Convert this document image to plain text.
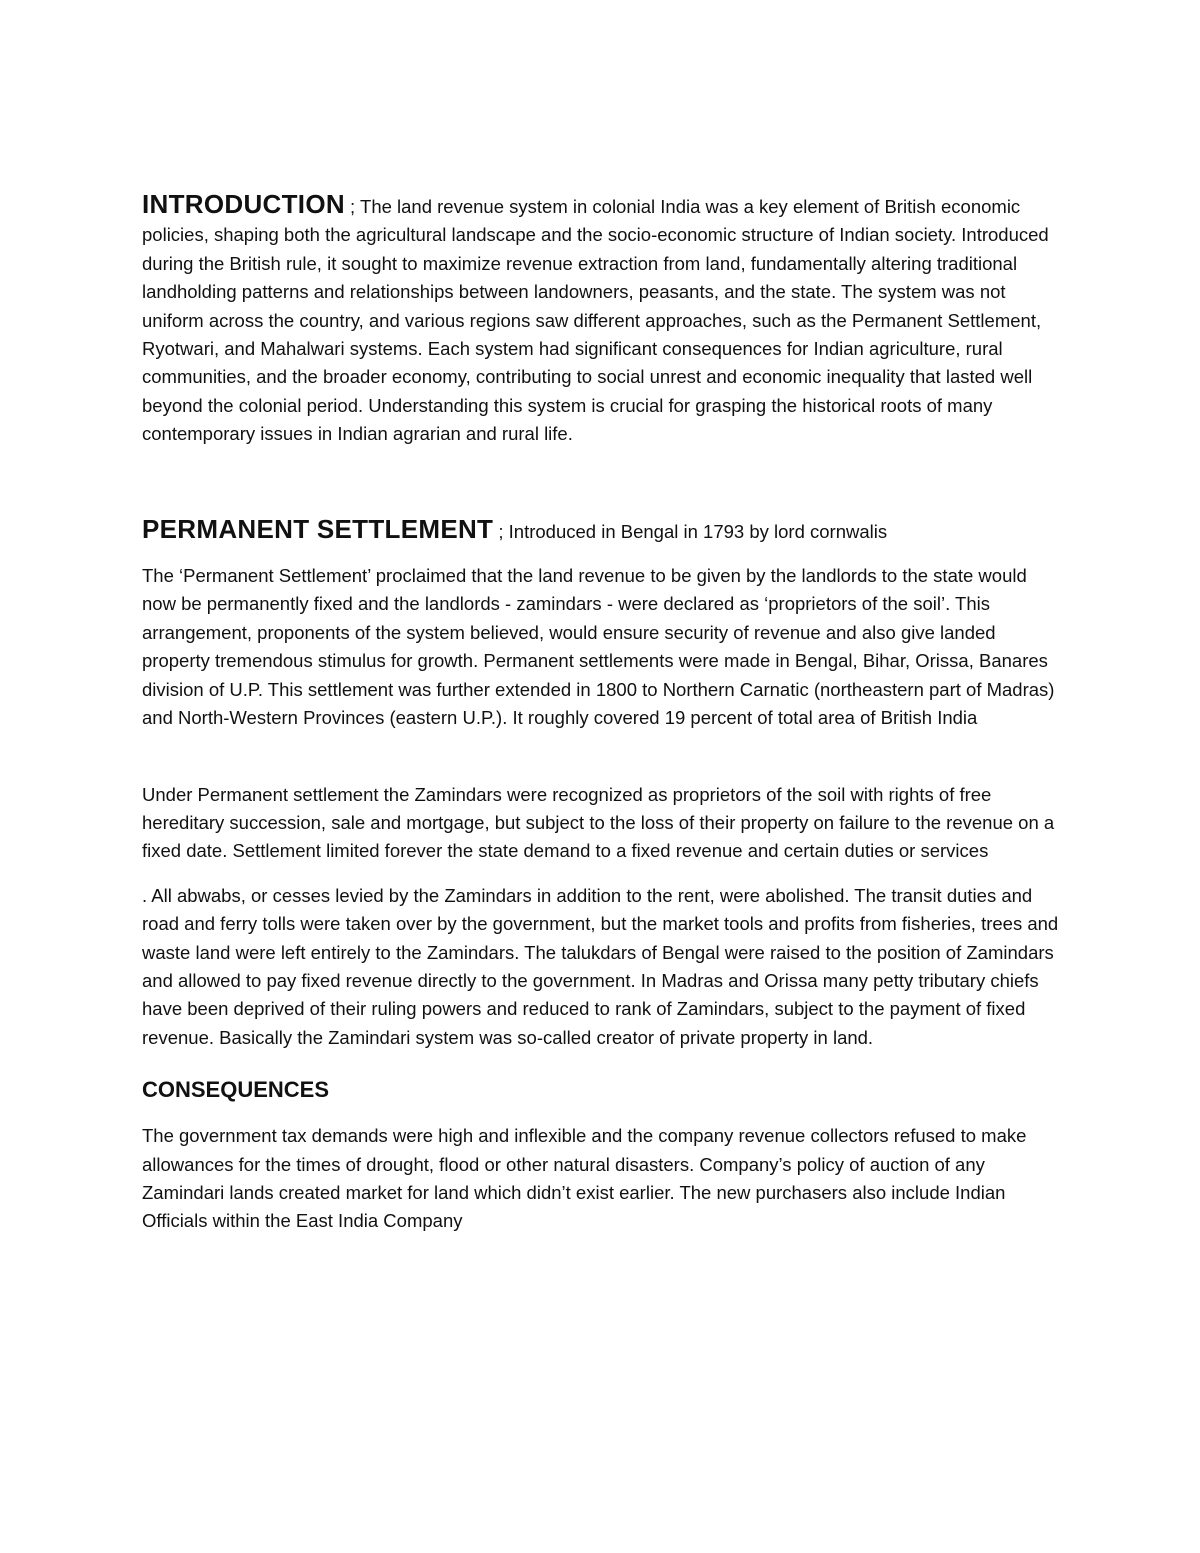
INTRODUCTION ; The land revenue system in colonial India was a key element of British economic policies, shaping both the agricultural landscape and the socio-economic structure of Indian society. Introduced during the British rule, it sought to maximize revenue extraction from land, fundamentally altering traditional landholding patterns and relationships between landowners, peasants, and the state. The system was not uniform across the country, and various regions saw different approaches, such as the Permanent Settlement, Ryotwari, and Mahalwari systems. Each system had significant consequences for Indian agriculture, rural communities, and the broader economy, contributing to social unrest and economic inequality that lasted well beyond the colonial period. Understanding this system is crucial for grasping the historical roots of many contemporary issues in Indian agrarian and rural life.

PERMANENT SETTLEMENT ; Introduced in Bengal in 1793 by lord cornwalis

The ‘Permanent Settlement’ proclaimed that the land revenue to be given by the landlords to the state would now be permanently fixed and the landlords - zamindars - were declared as ‘proprietors of the soil’. This arrangement, proponents of the system believed, would ensure security of revenue and also give landed property tremendous stimulus for growth. Permanent settlements were made in Bengal, Bihar, Orissa, Banares division of U.P. This settlement was further extended in 1800 to Northern Carnatic (northeastern part of Madras) and North-Western Provinces (eastern U.P.). It roughly covered 19 percent of total area of British India

Under Permanent settlement the Zamindars were recognized as proprietors of the soil with rights of free hereditary succession, sale and mortgage, but subject to the loss of their property on failure to the revenue on a fixed date. Settlement limited forever the state demand to a fixed revenue and certain duties or services

. All abwabs, or cesses levied by the Zamindars in addition to the rent, were abolished. The transit duties and road and ferry tolls were taken over by the government, but the market tools and profits from fisheries, trees and waste land were left entirely to the Zamindars. The talukdars of Bengal were raised to the position of Zamindars and allowed to pay fixed revenue directly to the government. In Madras and Orissa many petty tributary chiefs have been deprived of their ruling powers and reduced to rank of Zamindars, subject to the payment of fixed revenue. Basically the Zamindari system was so-called creator of private property in land.

CONSEQUENCES

The government tax demands were high and inflexible and the company revenue collectors refused to make allowances for the times of drought, flood or other natural disasters. Company’s policy of auction of any Zamindari lands created market for land which didn’t exist earlier. The new purchasers also include Indian Officials within the East India Company
